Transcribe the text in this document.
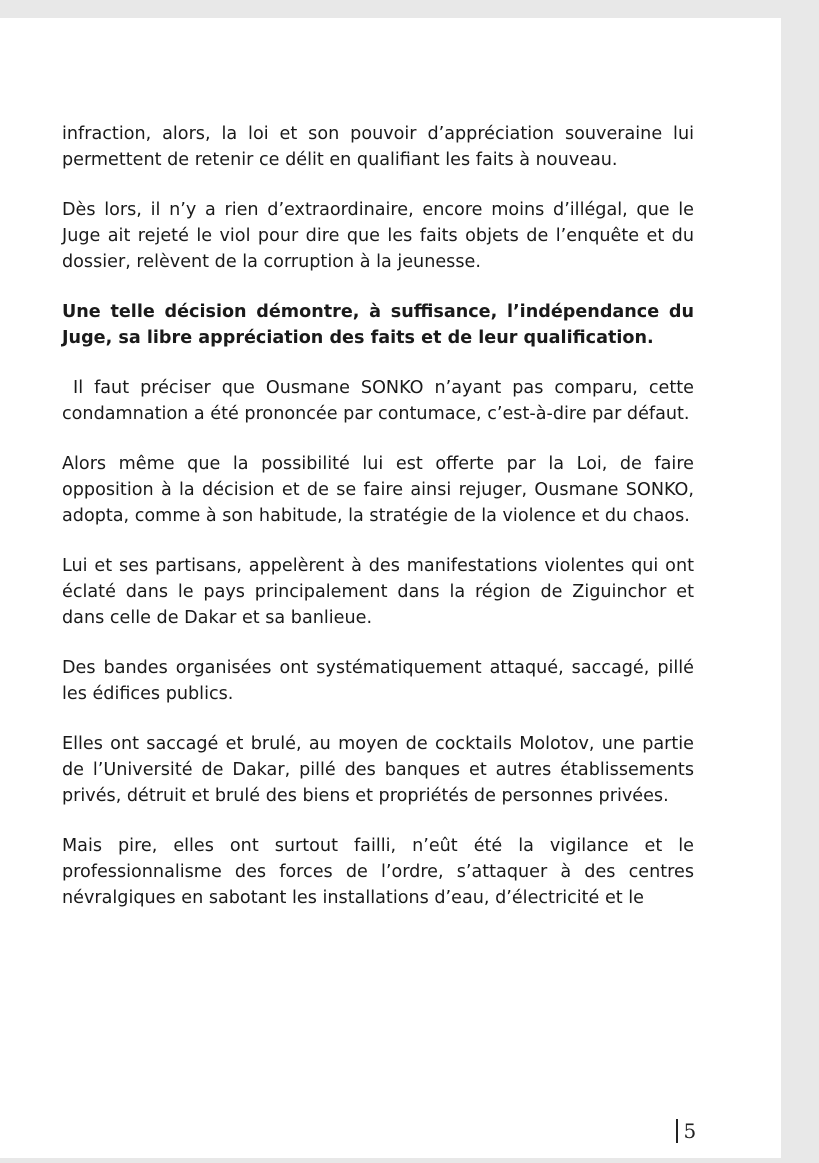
infraction, alors, la loi et son pouvoir d’appréciation souveraine lui permettent de retenir ce délit en qualifiant les faits à nouveau.

Dès lors, il n’y a rien d’extraordinaire, encore moins d’illégal, que le Juge ait rejeté le viol pour dire que les faits objets de l’enquête et du dossier, relèvent de la corruption à la jeunesse.

Une telle décision démontre, à suffisance, l’indépendance du Juge, sa libre appréciation des faits et de leur qualification.

Il faut préciser que Ousmane SONKO n’ayant pas comparu, cette condamnation a été prononcée par contumace, c’est-à-dire par défaut.

Alors même que la possibilité lui est offerte par la Loi, de faire opposition à la décision et de se faire ainsi rejuger, Ousmane SONKO, adopta, comme à son habitude, la stratégie de la violence et du chaos.

Lui et ses partisans, appelèrent à des manifestations violentes qui ont éclaté dans le pays principalement dans la région de Ziguinchor et dans celle de Dakar et sa banlieue.

Des bandes organisées ont systématiquement attaqué, saccagé, pillé les édifices publics.

Elles ont saccagé et brulé, au moyen de cocktails Molotov, une partie de l’Université de Dakar, pillé des banques et autres établissements privés, détruit et brulé des biens et propriétés de personnes privées.

Mais pire, elles ont surtout failli, n’eût été la vigilance et le professionnalisme des forces de l’ordre, s’attaquer à des centres névralgiques en sabotant les installations d’eau, d’électricité et le

5
